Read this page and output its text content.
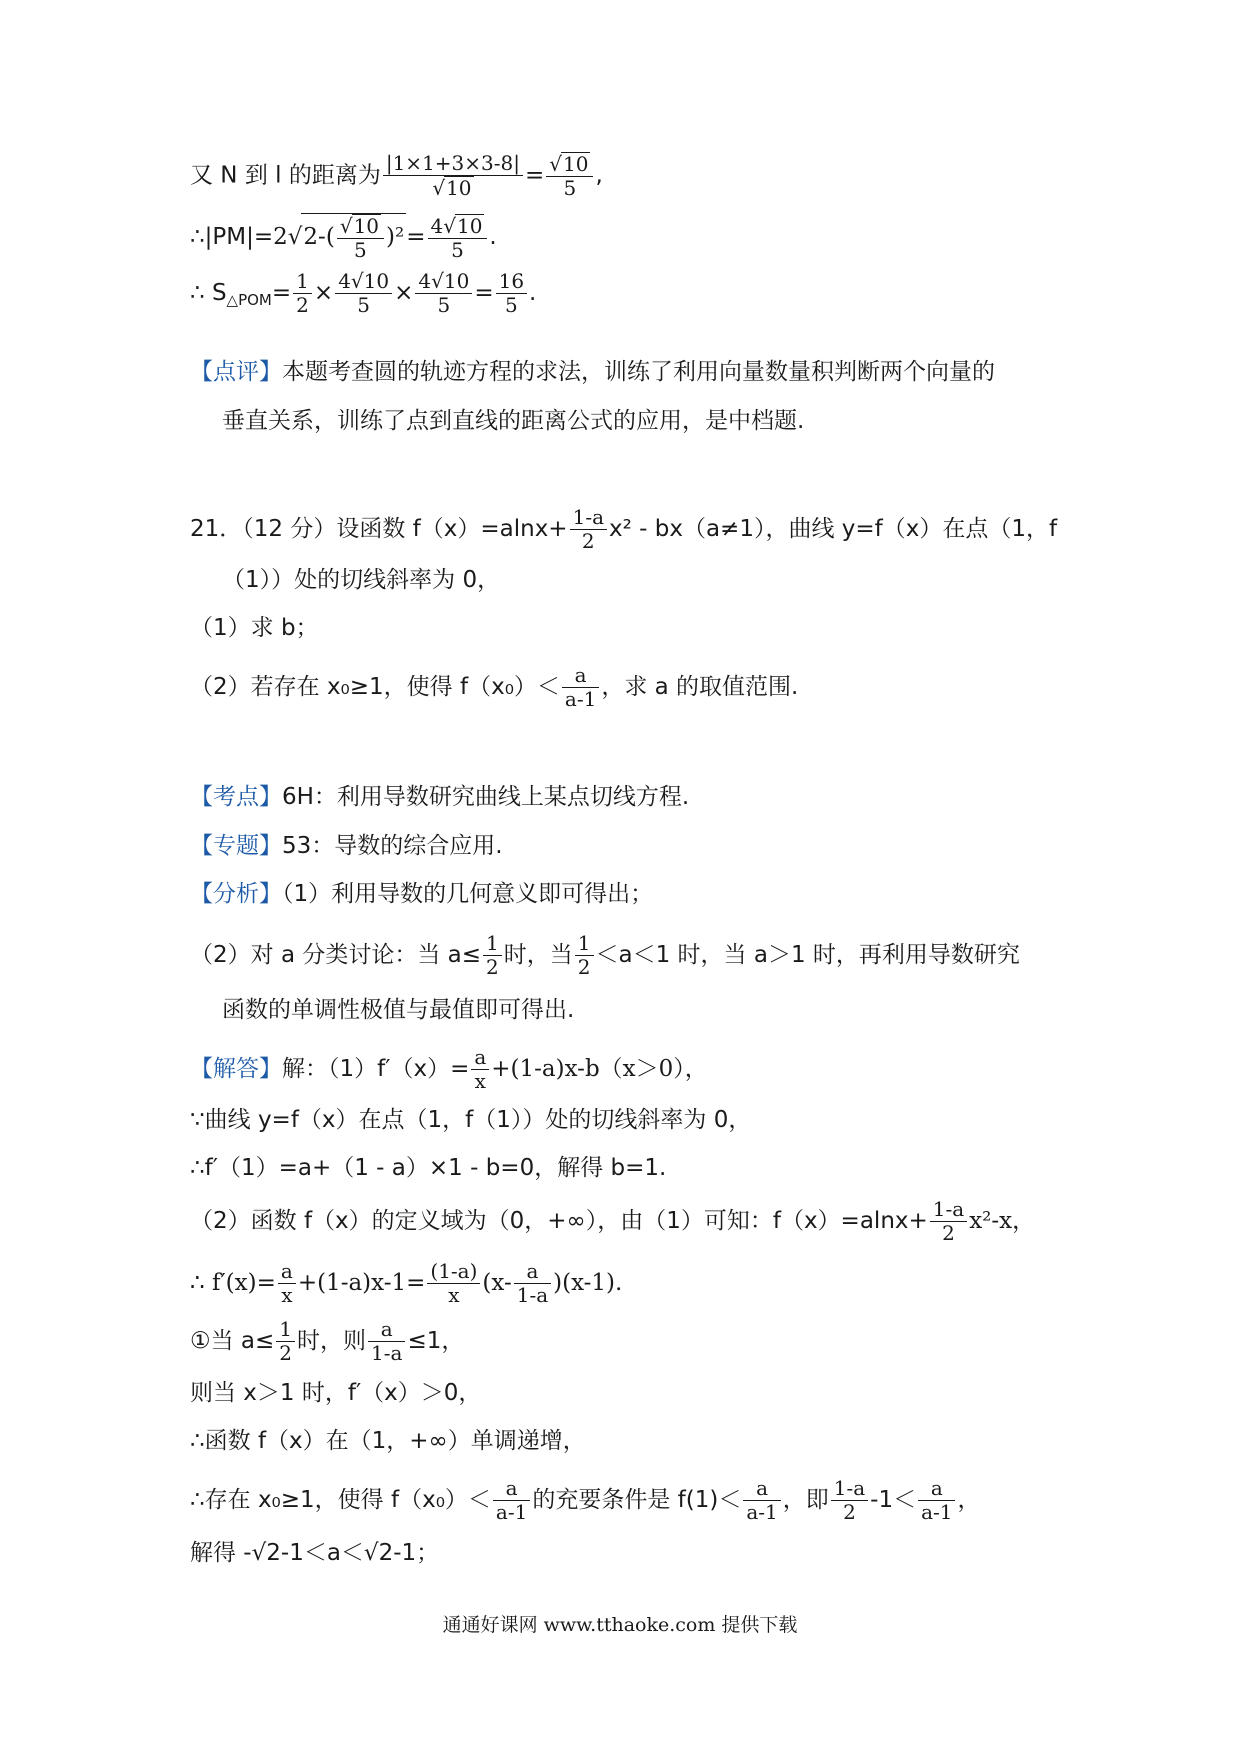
又 N 到 l 的距离为 $\frac{|1\times 1+3\times 3-8|}{√10} = \frac{√10}{5}$ ,
∴|PM|=2√2-( $\frac{√10}{5} )^2= \frac{4√10}{5}$ .
∴ $S_{\triangle POM}= \frac{1}{2} \times \frac{4√10}{5} \times \frac{4√10}{5} = \frac{16}{5}$ .
【点评】本题考查圆的轨迹方程的求法，训练了利用向量数量积判断两个向量的
垂直关系，训练了点到直线的距离公式的应用，是中档题.
21．（12 分）设函数 $f(x)=alnx+ \frac{1-a}{2} x^2 - bx(a\ne 1)$，曲线 y=f（x）在点（1，f
（1））处的切线斜率为 0，
（1）求 b；
（2）若存在 x₀≥1，使得 $f(x_0)< \frac{a}{a-1}$ ，求 a 的取值范围.
【考点】6H：利用导数研究曲线上某点切线方程.
【专题】53：导数的综合应用.
【分析】（1）利用导数的几何意义即可得出；
（2）对 a 分类讨论：当 $a\le \frac{1}{2}$ 时，当 $\frac{1}{2} <a<1$ 时，当 a＞1 时，再利用导数研究
函数的单调性极值与最值即可得出.
【解答】解：$(1)f'(x)= \frac{a}{x} +(1-a)x-b(x>0)$，
∵曲线 y=f（x）在点（1，f（1））处的切线斜率为 0，
∴f′（1）=a+（1 - a）×1 - b=0，解得 b=1.
（2）函数 f（x）的定义域为（0，+∞），由（1）可知：$f(x)=alnx+ \frac{1-a}{2} x^2-x$，
∴ $f'(x)= \frac{a}{x} +(1-a)x-1= \frac{(1-a)}{x} (x- \frac{a}{1-a} )(x-1)$.
①当 $a\le \frac{1}{2}$ 时，则 $\frac{a}{1-a} \le 1$，
则当 x＞1 时，f′（x）＞0，
∴函数 f（x）在（1，+∞）单调递增，
∴存在 x₀≥1，使得 $f(x_0)< \frac{a}{a-1}$ 的充要条件是 $f(1)< \frac{a}{a-1}$ ，即 $\frac{1-a}{2} -1< \frac{a}{a-1}$ ，
解得 -√2-1＜a＜√2-1；
通通好课网 www.tthaoke.com 提供下载
